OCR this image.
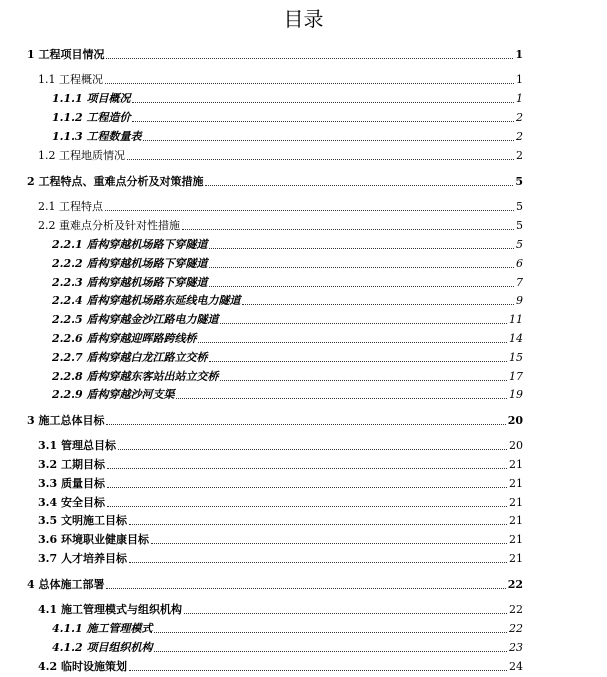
目录
1 工程项目情况	1
1.1 工程概况	1
1.1.1 项目概况	1
1.1.2 工程造价	2
1.1.3 工程数量表	2
1.2 工程地质情况	2
2 工程特点、重难点分析及对策措施	5
2.1 工程特点	5
2.2 重难点分析及针对性措施	5
2.2.1 盾构穿越机场路下穿隧道	5
2.2.2 盾构穿越机场路下穿隧道	6
2.2.3 盾构穿越机场路下穿隧道	7
2.2.4 盾构穿越机场路东延线电力隧道	9
2.2.5 盾构穿越金沙江路电力隧道	11
2.2.6 盾构穿越迎晖路跨线桥	14
2.2.7 盾构穿越白龙江路立交桥	15
2.2.8 盾构穿越东客站出站立交桥	17
2.2.9 盾构穿越沙河支渠	19
3 施工总体目标	20
3.1 管理总目标	20
3.2 工期目标	21
3.3 质量目标	21
3.4 安全目标	21
3.5 文明施工目标	21
3.6 环境职业健康目标	21
3.7 人才培养目标	21
4 总体施工部署	22
4.1 施工管理模式与组织机构	22
4.1.1 施工管理模式	22
4.1.2 项目组织机构	23
4.2 临时设施策划	24
